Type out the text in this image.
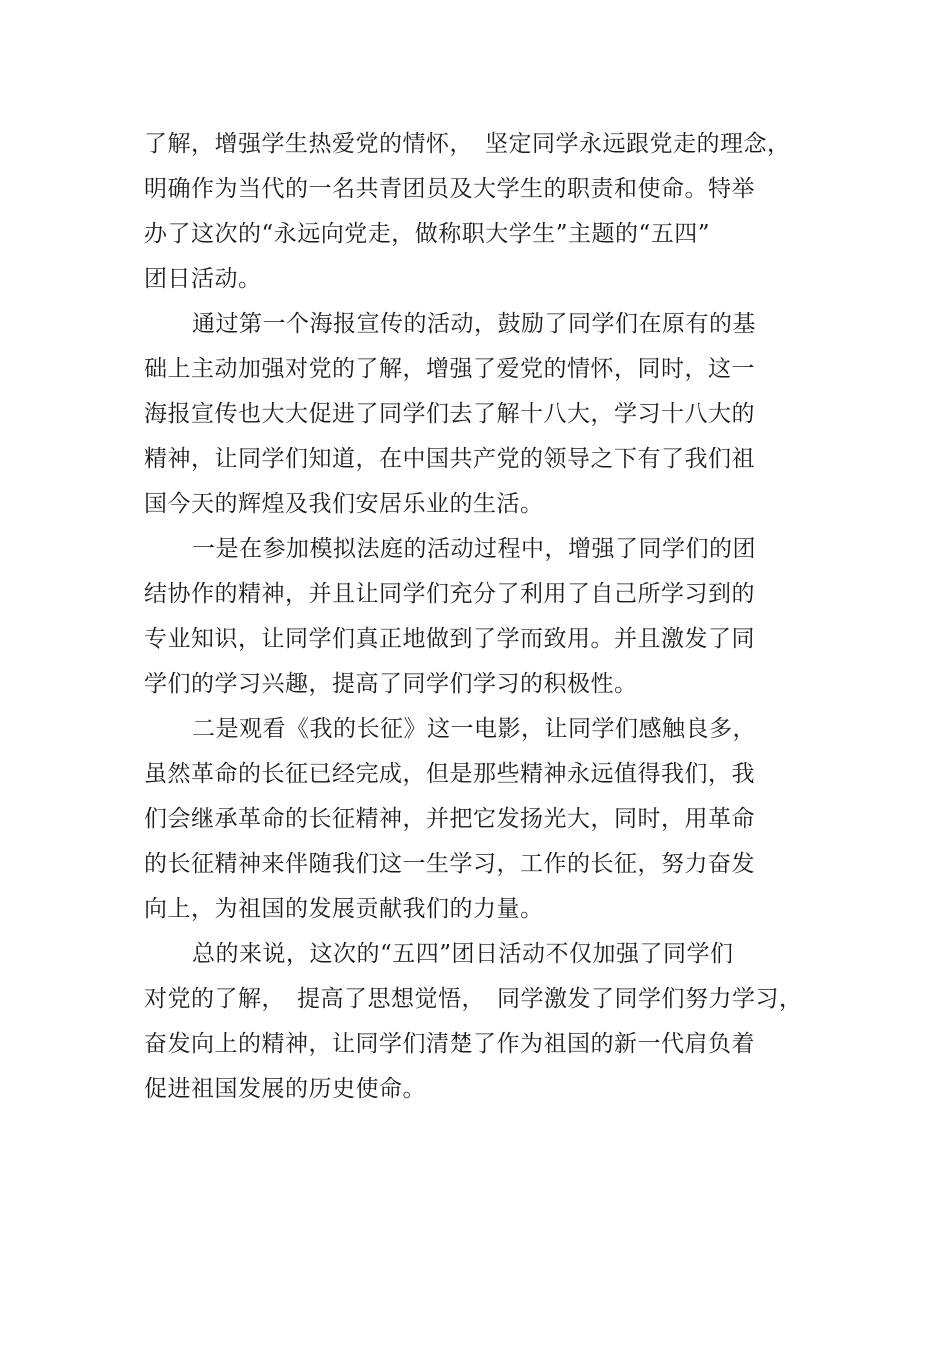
了解，增强学生热爱党的情怀，　坚定同学永远跟党走的理念，
明确作为当代的一名共青团员及大学生的职责和使命。特举
办了这次的“永远向党走，做称职大学生”主题的“五四”
团日活动。
通过第一个海报宣传的活动，鼓励了同学们在原有的基
础上主动加强对党的了解，增强了爱党的情怀，同时，这一
海报宣传也大大促进了同学们去了解十八大，学习十八大的
精神，让同学们知道，在中国共产党的领导之下有了我们祖
国今天的辉煌及我们安居乐业的生活。
一是在参加模拟法庭的活动过程中，增强了同学们的团
结协作的精神，并且让同学们充分了利用了自己所学习到的
专业知识，让同学们真正地做到了学而致用。并且激发了同
学们的学习兴趣，提高了同学们学习的积极性。
二是观看《我的长征》这一电影，让同学们感触良多，
虽然革命的长征已经完成，但是那些精神永远值得我们，我
们会继承革命的长征精神，并把它发扬光大，同时，用革命
的长征精神来伴随我们这一生学习，工作的长征，努力奋发
向上，为祖国的发展贡献我们的力量。
总的来说，这次的“五四”团日活动不仅加强了同学们
对党的了解，　提高了思想觉悟，　同学激发了同学们努力学习，
奋发向上的精神，让同学们清楚了作为祖国的新一代肩负着
促进祖国发展的历史使命。
